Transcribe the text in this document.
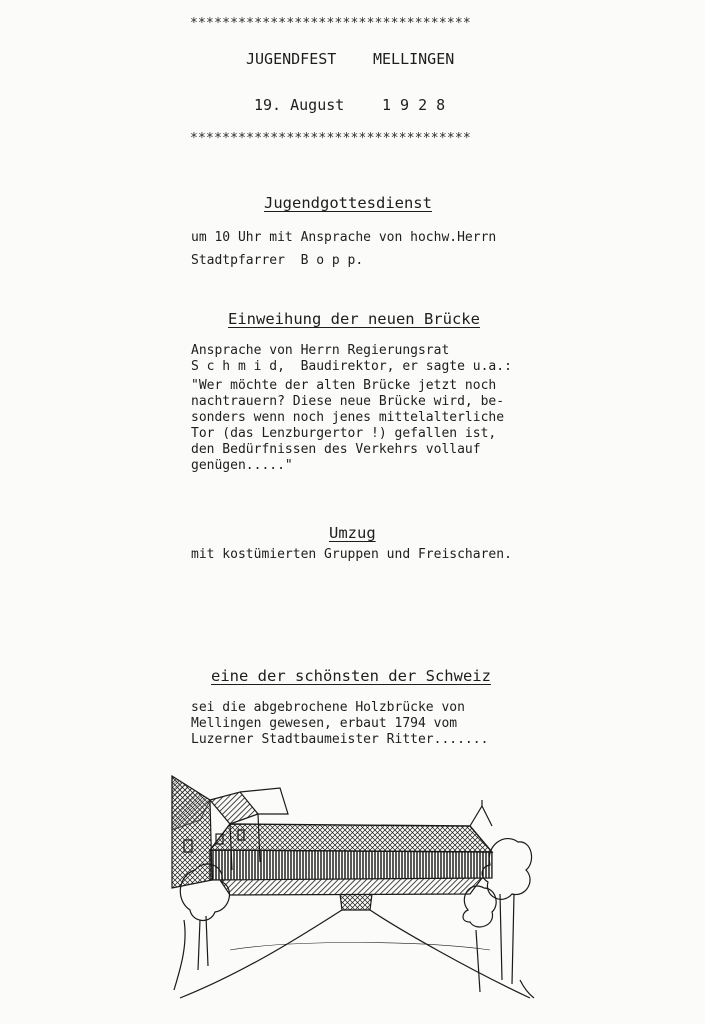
***********************************
JUGENDFEST MELLINGEN
19. August	1 9 2 8
***********************************
Jugendgottesdienst
um 10 Uhr mit Ansprache von hochw.Herrn
Stadtpfarrer  B o p p.
Einweihung der neuen Brücke
Ansprache von Herrn Regierungsrat
S c h m i d,  Baudirektor, er sagte u.a.:
"Wer möchte der alten Brücke jetzt noch
nachtrauern? Diese neue Brücke wird, be-
sonders wenn noch jenes mittelalterliche
Tor (das Lenzburgertor !) gefallen ist,
den Bedürfnissen des Verkehrs vollauf
genügen....."
Umzug
mit kostümierten Gruppen und Freischaren.
eine der schönsten der Schweiz
sei die abgebrochene Holzbrücke von
Mellingen gewesen, erbaut 1794 vom
Luzerner Stadtbaumeister Ritter.......
